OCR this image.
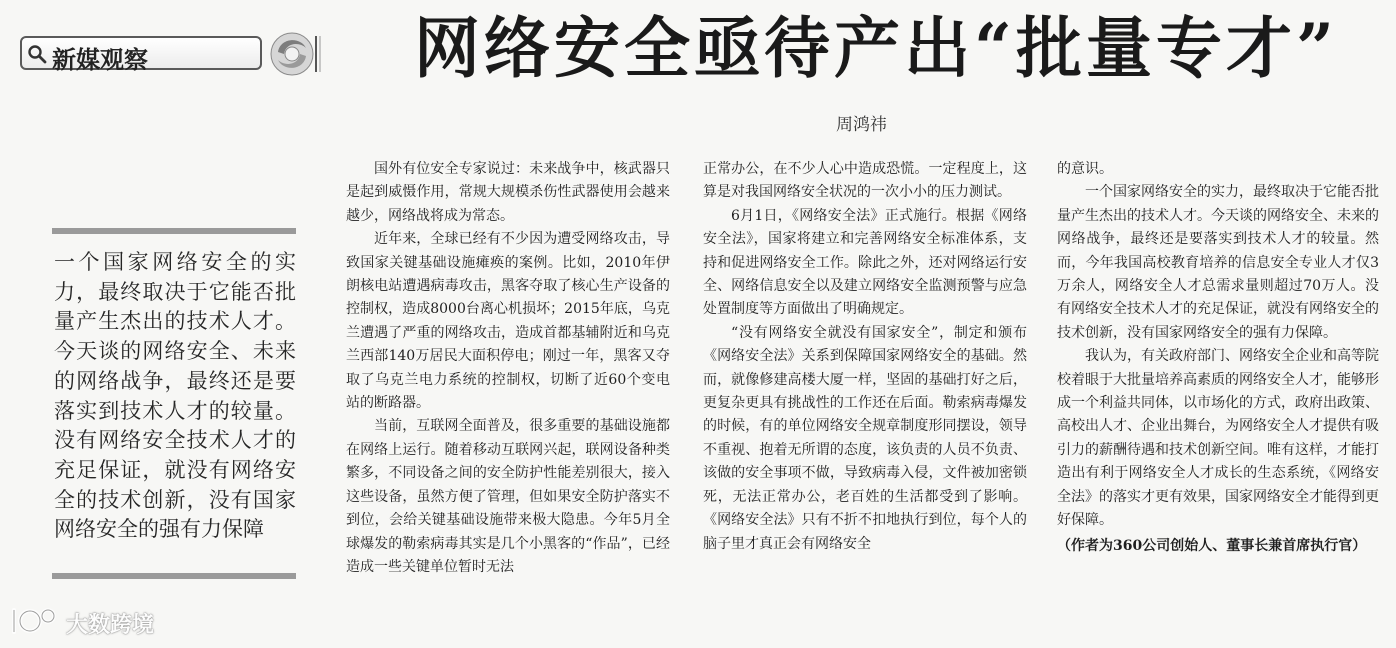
新媒观察	网络安全亟待产出“批量专才”
周鸿祎
一个国家网络安全的实力，最终取决于它能否批量产生杰出的技术人才。今天谈的网络安全、未来的网络战争，最终还是要落实到技术人才的较量。没有网络安全技术人才的充足保证，就没有网络安全的技术创新，没有国家网络安全的强有力保障

国外有位安全专家说过：未来战争中，核武器只是起到威慑作用，常规大规模杀伤性武器使用会越来越少，网络战将成为常态。

近年来，全球已经有不少因为遭受网络攻击，导致国家关键基础设施瘫痪的案例。比如，2010年伊朗核电站遭遇病毒攻击，黑客夺取了核心生产设备的控制权，造成8000台离心机损坏；2015年底，乌克兰遭遇了严重的网络攻击，造成首都基辅附近和乌克兰西部140万居民大面积停电；刚过一年，黑客又夺取了乌克兰电力系统的控制权，切断了近60个变电站的断路器。

当前，互联网全面普及，很多重要的基础设施都在网络上运行。随着移动互联网兴起，联网设备种类繁多，不同设备之间的安全防护性能差别很大，接入这些设备，虽然方便了管理，但如果安全防护落实不到位，会给关键基础设施带来极大隐患。今年5月全球爆发的勒索病毒其实是几个小黑客的“作品”，已经造成一些关键单位暂时无法

正常办公，在不少人心中造成恐慌。一定程度上，这算是对我国网络安全状况的一次小小的压力测试。

6月1日，《网络安全法》正式施行。根据《网络安全法》，国家将建立和完善网络安全标准体系，支持和促进网络安全工作。除此之外，还对网络运行安全、网络信息安全以及建立网络安全监测预警与应急处置制度等方面做出了明确规定。

“没有网络安全就没有国家安全”，制定和颁布《网络安全法》关系到保障国家网络安全的基础。然而，就像修建高楼大厦一样，坚固的基础打好之后，更复杂更具有挑战性的工作还在后面。勒索病毒爆发的时候，有的单位网络安全规章制度形同摆设，领导不重视、抱着无所谓的态度，该负责的人员不负责、该做的安全事项不做，导致病毒入侵，文件被加密锁死，无法正常办公，老百姓的生活都受到了影响。《网络安全法》只有不折不扣地执行到位，每个人的脑子里才真正会有网络安全

的意识。

一个国家网络安全的实力，最终取决于它能否批量产生杰出的技术人才。今天谈的网络安全、未来的网络战争，最终还是要落实到技术人才的较量。然而，今年我国高校教育培养的信息安全专业人才仅3万余人，网络安全人才总需求量则超过70万人。没有网络安全技术人才的充足保证，就没有网络安全的技术创新，没有国家网络安全的强有力保障。

我认为，有关政府部门、网络安全企业和高等院校着眼于大批量培养高素质的网络安全人才，能够形成一个利益共同体，以市场化的方式，政府出政策、高校出人才、企业出舞台，为网络安全人才提供有吸引力的薪酬待遇和技术创新空间。唯有这样，才能打造出有利于网络安全人才成长的生态系统，《网络安全法》的落实才更有效果，国家网络安全才能得到更好保障。

（作者为360公司创始人、董事长兼首席执行官）

大数跨境
